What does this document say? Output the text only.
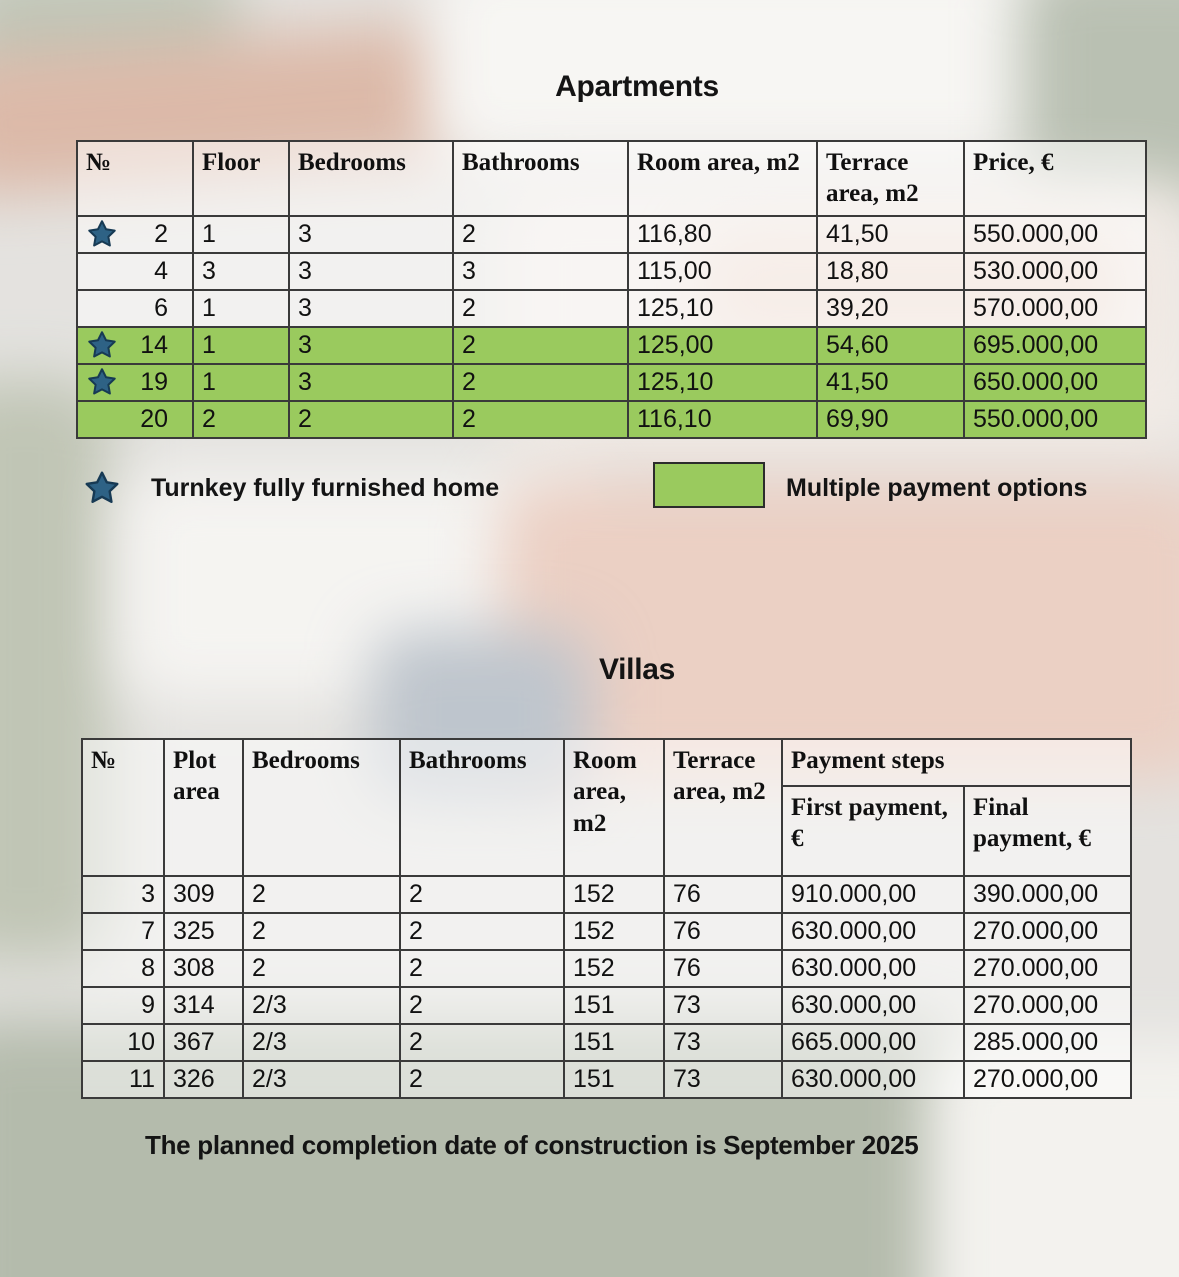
Apartments
№	Floor	Bedrooms	Bathrooms	Room area, m2	Terrace area, m2	Price, €

2	1	3	2	116,80	41,50	550.000,00

4	3	3	3	115,00	18,80	530.000,00

6	1	3	2	125,10	39,20	570.000,00

14	1	3	2	125,00	54,60	695.000,00

19	1	3	2	125,10	41,50	650.000,00

20	2	2	2	116,10	69,90	550.000,00
Turnkey fully furnished home	Multiple payment options
Villas
№	Plot area	Bedrooms	Bathrooms	Room area, m2	Terrace area, m2	Payment steps	
						First payment, €	Final payment, €

3	309	2	2	152	76	910.000,00	390.000,00

7	325	2	2	152	76	630.000,00	270.000,00

8	308	2	2	152	76	630.000,00	270.000,00

9	314	2/3	2	151	73	630.000,00	270.000,00

10	367	2/3	2	151	73	665.000,00	285.000,00

11	326	2/3	2	151	73	630.000,00	270.000,00
The planned completion date of construction is September 2025
